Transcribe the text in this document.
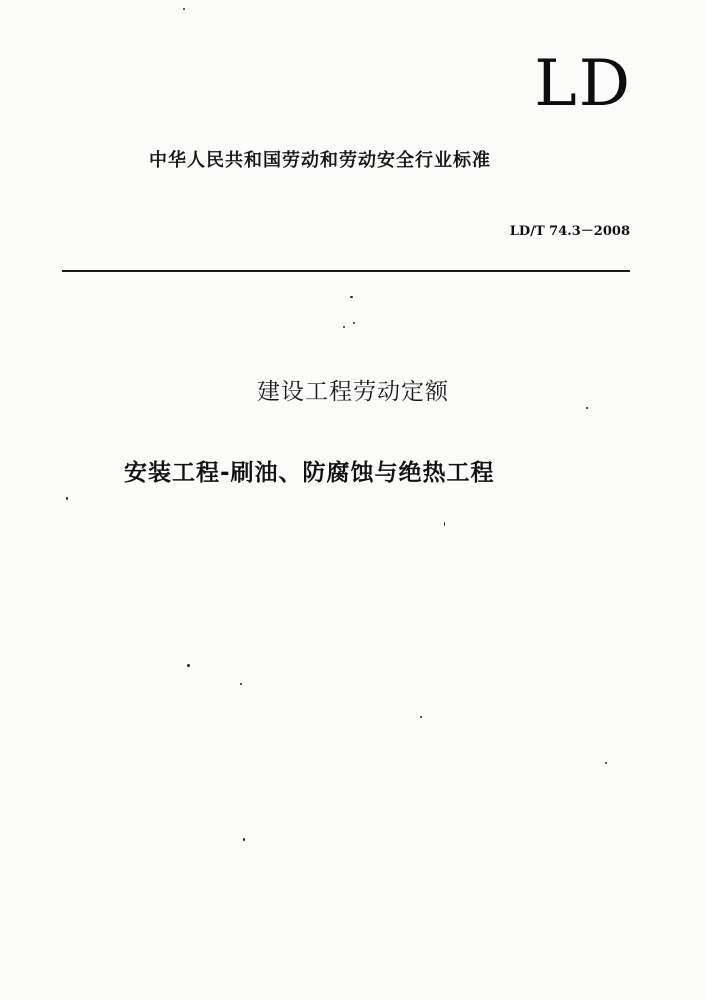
LD
中华人民共和国劳动和劳动安全行业标准
LD/T 74.3－2008
建设工程劳动定额
安装工程-刷油、防腐蚀与绝热工程
